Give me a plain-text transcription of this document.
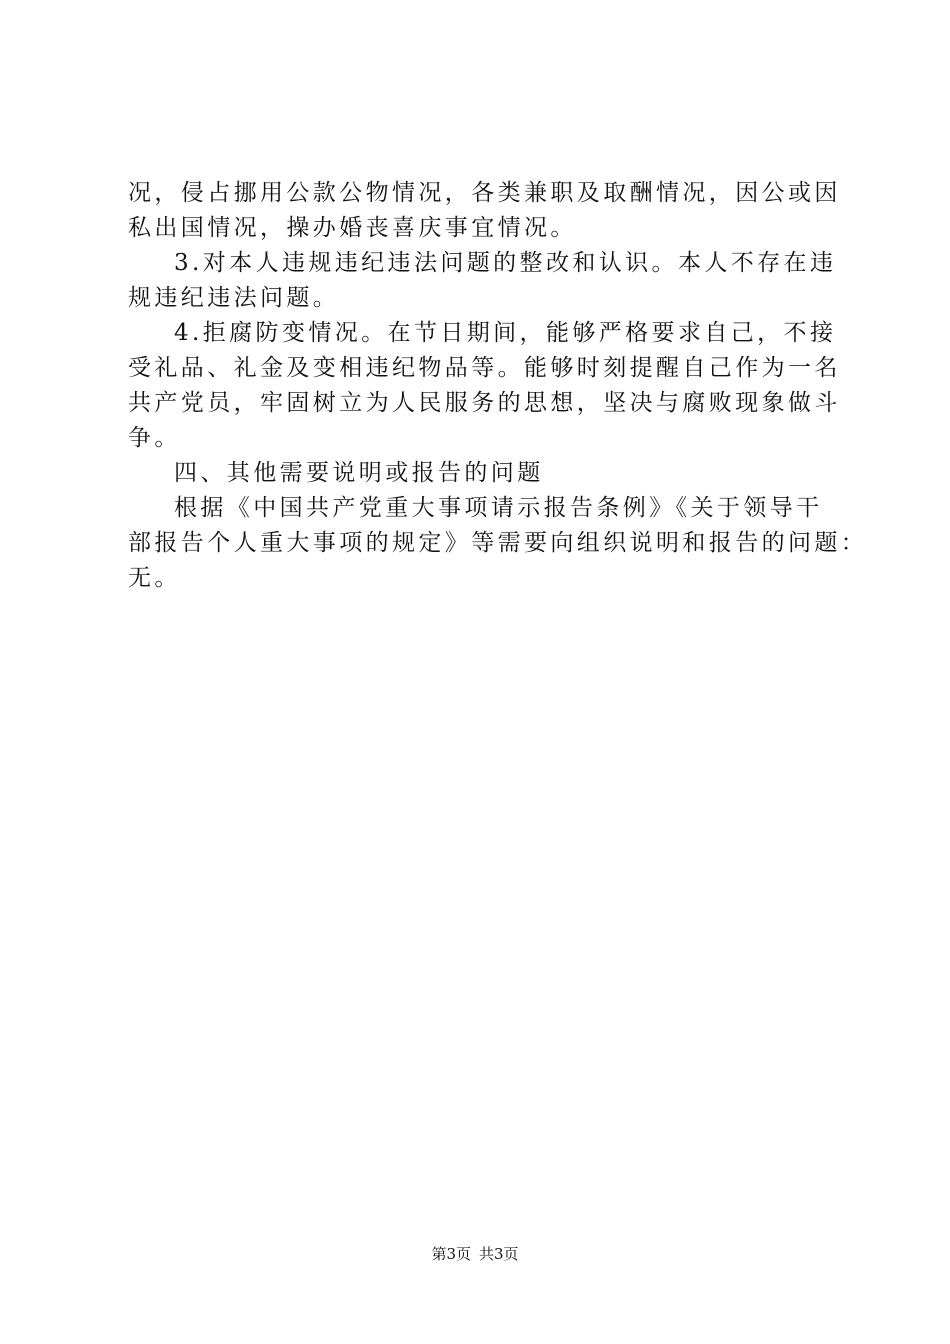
况，侵占挪用公款公物情况，各类兼职及取酬情况，因公或因
私出国情况，操办婚丧喜庆事宜情况。
3.对本人违规违纪违法问题的整改和认识。本人不存在违
规违纪违法问题。
4.拒腐防变情况。在节日期间，能够严格要求自己，不接
受礼品、礼金及变相违纪物品等。能够时刻提醒自己作为一名
共产党员，牢固树立为人民服务的思想，坚决与腐败现象做斗
争。
四、其他需要说明或报告的问题
根据《中国共产党重大事项请示报告条例》《关于领导干
部报告个人重大事项的规定》等需要向组织说明和报告的问题：
无。
第3页 共3页
